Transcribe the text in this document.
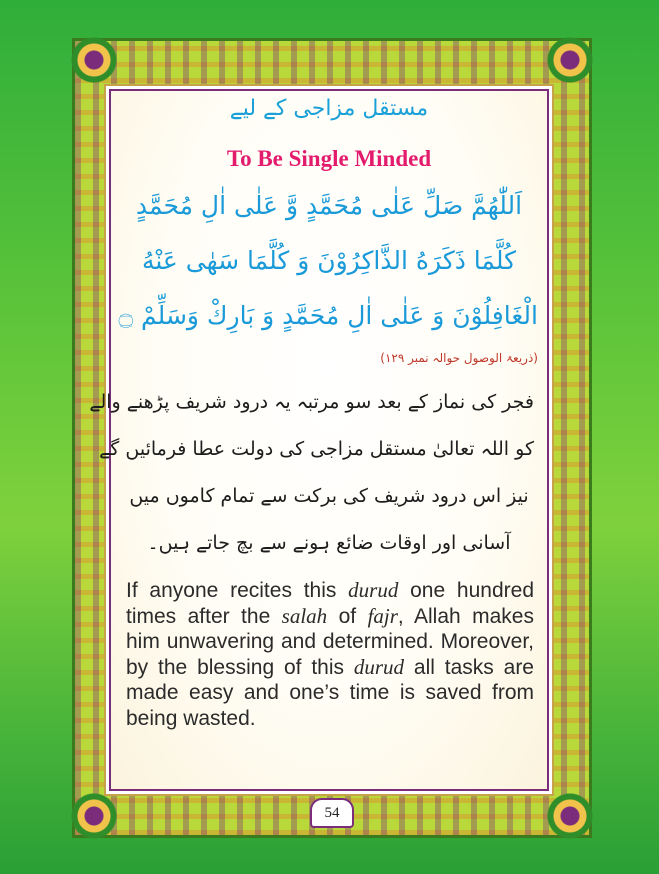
مستقل مزاجی کے لیے
To Be Single Minded
اَللّٰهُمَّ صَلِّ عَلٰى مُحَمَّدٍ وَّ عَلٰى اٰلِ مُحَمَّدٍ
كُلَّمَا ذَكَرَهُ الذَّاكِرُوْنَ وَ كُلَّمَا سَهٰى عَنْهُ
الْغَافِلُوْنَ وَ عَلٰى اٰلِ مُحَمَّدٍ وَ بَارِكْ وَسَلِّمْ ۝
(ذریعۃ الوصول حوالہ نمبر ۱۲۹)
فجر کی نماز کے بعد سو مرتبہ یہ درود شریف پڑھنے والے
کو اللہ تعالیٰ مستقل مزاجی کی دولت عطا فرمائیں گے
نیز اس درود شریف کی برکت سے تمام کاموں میں
آسانی اور اوقات ضائع ہونے سے بچ جاتے ہیں۔
If anyone recites this durud one hundred times after the salah of fajr, Allah makes him unwavering and determined. Moreover, by the blessing of this durud all tasks are made easy and one’s time is saved from being wasted.
54
